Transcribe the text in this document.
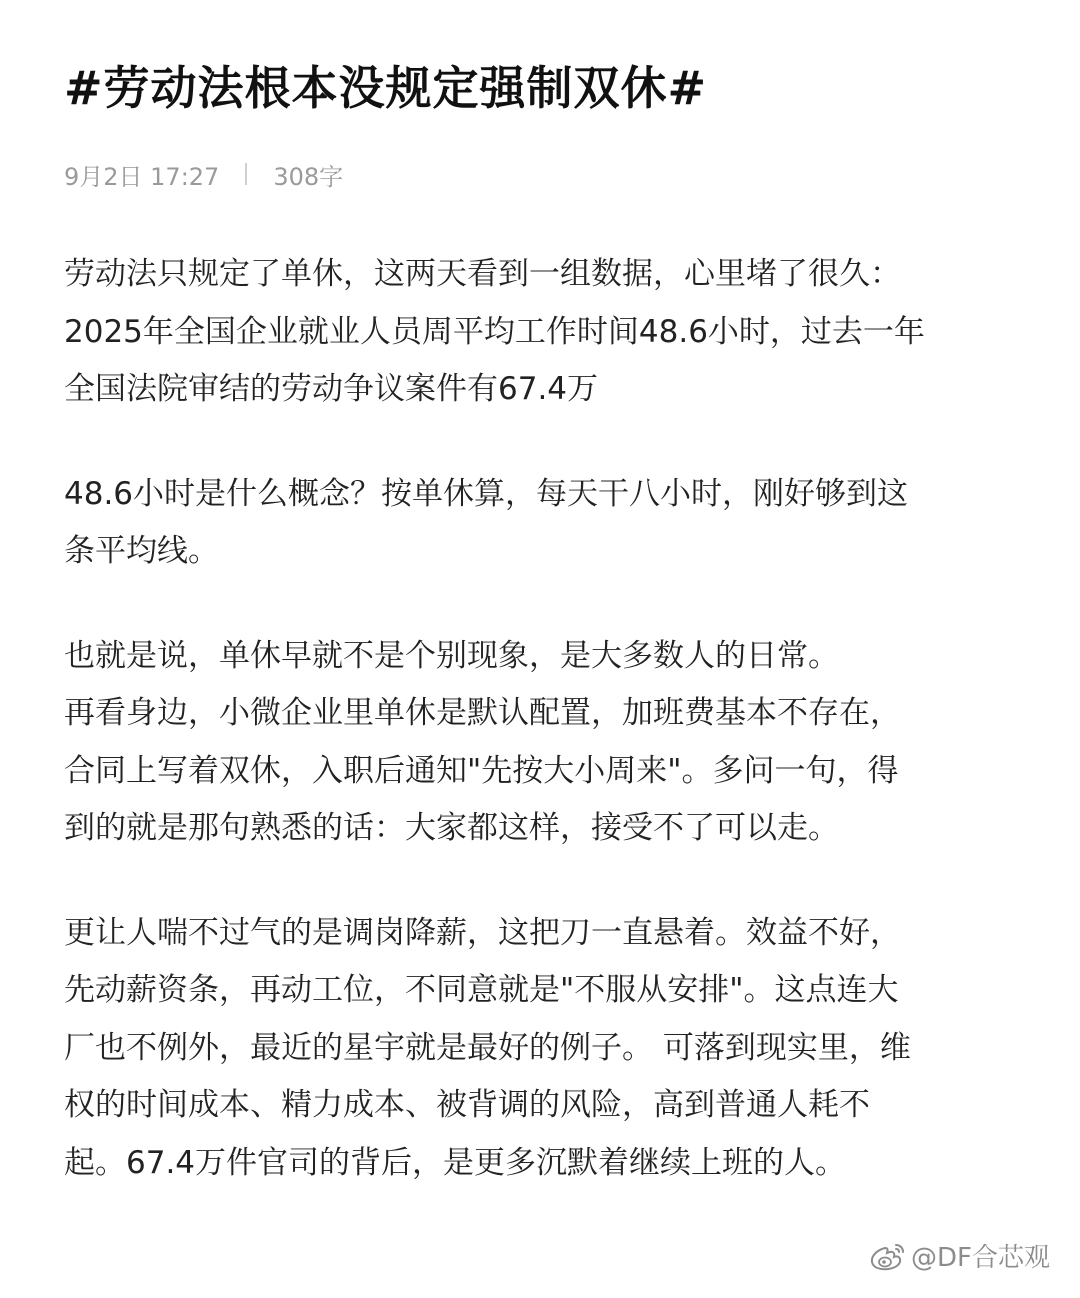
#劳动法根本没规定强制双休#
9月2日 17:27 308字

劳动法只规定了单休，这两天看到一组数据，心里堵了很久：
2025年全国企业就业人员周平均工作时间48.6小时，过去一年
全国法院审结的劳动争议案件有67.4万

48.6小时是什么概念？按单休算，每天干八小时，刚好够到这
条平均线。

也就是说，单休早就不是个别现象，是大多数人的日常。
再看身边，小微企业里单休是默认配置，加班费基本不存在，
合同上写着双休，入职后通知"先按大小周来"。多问一句，得
到的就是那句熟悉的话：大家都这样，接受不了可以走。

更让人喘不过气的是调岗降薪，这把刀一直悬着。效益不好，
先动薪资条，再动工位，不同意就是"不服从安排"。这点连大
厂也不例外，最近的星宇就是最好的例子。 可落到现实里，维
权的时间成本、精力成本、被背调的风险，高到普通人耗不
起。67.4万件官司的背后，是更多沉默着继续上班的人。

@DF合芯观
